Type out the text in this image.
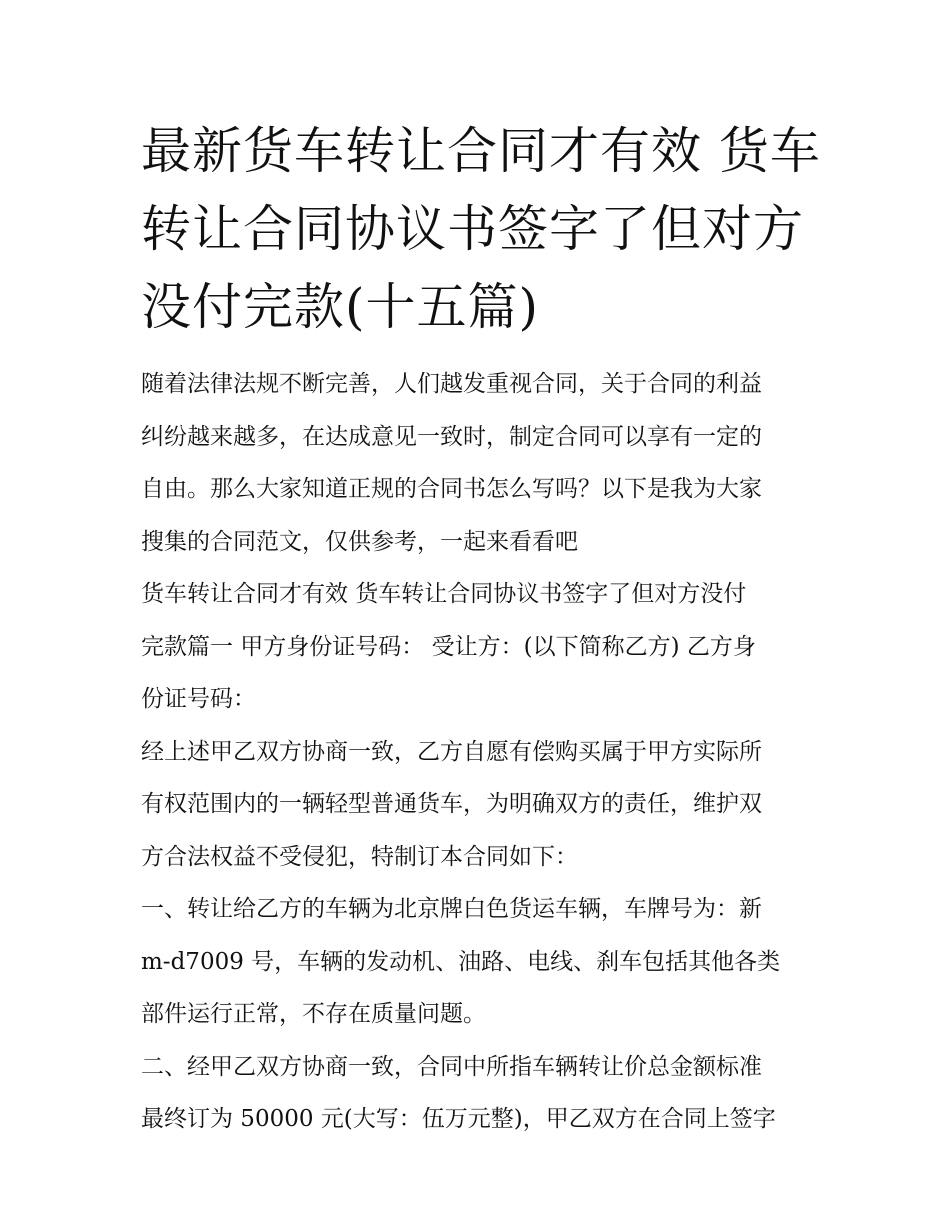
最新货车转让合同才有效 货车
转让合同协议书签字了但对方
没付完款(十五篇)

随着法律法规不断完善，人们越发重视合同，关于合同的利益
纠纷越来越多，在达成意见一致时，制定合同可以享有一定的
自由。那么大家知道正规的合同书怎么写吗？以下是我为大家
搜集的合同范文，仅供参考，一起来看看吧

货车转让合同才有效 货车转让合同协议书签字了但对方没付
完款篇一 甲方身份证号码： 受让方：(以下简称乙方) 乙方身
份证号码：

经上述甲乙双方协商一致，乙方自愿有偿购买属于甲方实际所
有权范围内的一辆轻型普通货车，为明确双方的责任，维护双
方合法权益不受侵犯，特制订本合同如下：

一、转让给乙方的车辆为北京牌白色货运车辆，车牌号为：新
m-d7009 号，车辆的发动机、油路、电线、刹车包括其他各类
部件运行正常，不存在质量问题。

二、经甲乙双方协商一致，合同中所指车辆转让价总金额标准
最终订为 50000 元(大写：伍万元整)，甲乙双方在合同上签字
